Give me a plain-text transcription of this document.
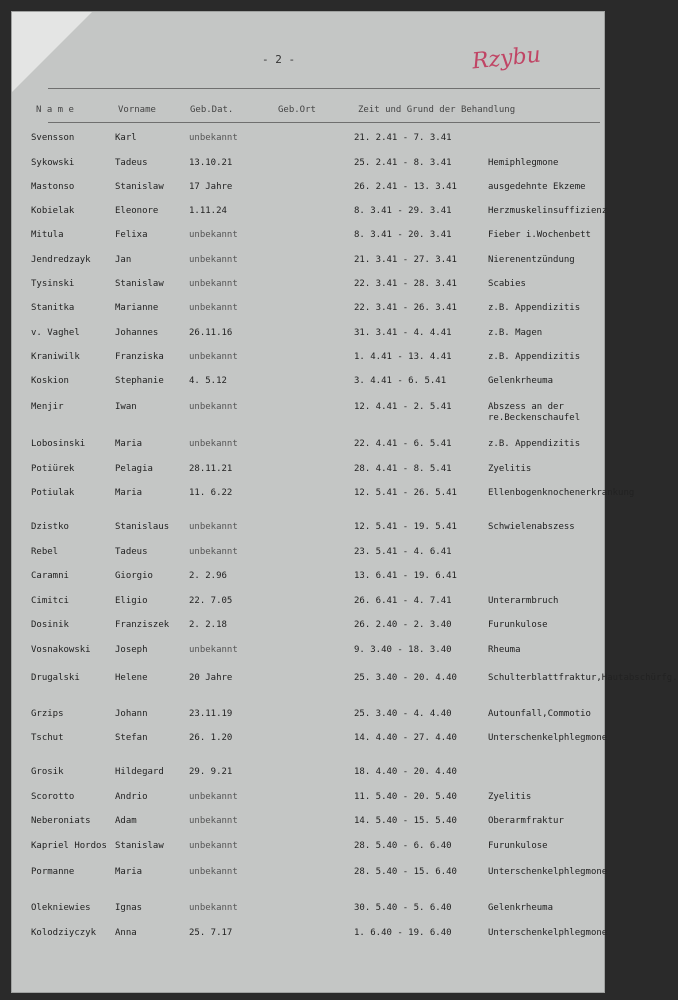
- 2 -	Rzybu
N a m e	Vorname	Geb.Dat.	Geb.Ort	Zeit und Grund der Behandlung
Svensson	Karl	unbekannt	21. 2.41 - 7. 3.41
Sykowski	Tadeus	13.10.21	25. 2.41 - 8. 3.41	Hemiphlegmone
Mastonso	Stanislaw	17 Jahre	26. 2.41 - 13. 3.41	ausgedehnte Ekzeme
Kobielak	Eleonore	1.11.24	8. 3.41 - 29. 3.41	Herzmuskelinsuffizienz
Mitula	Felixa	unbekannt	8. 3.41 - 20. 3.41	Fieber i.Wochenbett
Jendredzayk	Jan	unbekannt	21. 3.41 - 27. 3.41	Nierenentzündung
Tysinski	Stanislaw	unbekannt	22. 3.41 - 28. 3.41	Scabies
Stanitka	Marianne	unbekannt	22. 3.41 - 26. 3.41	z.B. Appendizitis
v. Vaghel	Johannes	26.11.16	31. 3.41 - 4. 4.41	z.B. Magen
Kraniwilk	Franziska	unbekannt	1. 4.41 - 13. 4.41	z.B. Appendizitis
Koskion	Stephanie	4. 5.12	3. 4.41 - 6. 5.41	Gelenkrheuma
Menjir	Iwan	unbekannt	12. 4.41 - 2. 5.41	Abszess an der re.Beckenschaufel
Lobosinski	Maria	unbekannt	22. 4.41 - 6. 5.41	z.B. Appendizitis
Potiürek	Pelagia	28.11.21	28. 4.41 - 8. 5.41	Zyelitis
Potiulak	Maria	11. 6.22	12. 5.41 - 26. 5.41	Ellenbogenknochenerkrankung
Dzistko	Stanislaus unbekannt	12. 5.41 - 19. 5.41	Schwielenabszess
Rebel	Tadeus	unbekannt	23. 5.41 - 4. 6.41
Caramni	Giorgio	2. 2.96	13. 6.41 - 19. 6.41
Cimitci	Eligio	22. 7.05	26. 6.41 - 4. 7.41	Unterarmbruch
Dosinik	Franziszek 2. 2.18	26. 2.40 - 2. 3.40	Furunkulose
Vosnakowski	Joseph	unbekannt	9. 3.40 - 18. 3.40	Rheuma
Drugalski	Helene	20 Jahre	25. 3.40 - 20. 4.40	Schulterblattfraktur,Hautabschürfg.
Grzips	Johann	23.11.19	25. 3.40 - 4. 4.40	Autounfall,Commotio
Tschut	Stefan	26. 1.20	14. 4.40 - 27. 4.40	Unterschenkelphlegmone
Grosik	Hildegard	29. 9.21	18. 4.40 - 20. 4.40
Scorotto	Andrio	unbekannt	11. 5.40 - 20. 5.40	Zyelitis
Neberoniats	Adam	unbekannt	14. 5.40 - 15. 5.40	Oberarmfraktur
Kapriel Hordos Stanislaw	unbekannt	28. 5.40 - 6. 6.40	Furunkulose
Pormanne	Maria	unbekannt	28. 5.40 - 15. 6.40	Unterschenkelphlegmone
Olekniewies	Ignas	unbekannt	30. 5.40 - 5. 6.40	Gelenkrheuma
Kolodziyczyk Anna	25. 7.17	1. 6.40 - 19. 6.40	Unterschenkelphlegmone
